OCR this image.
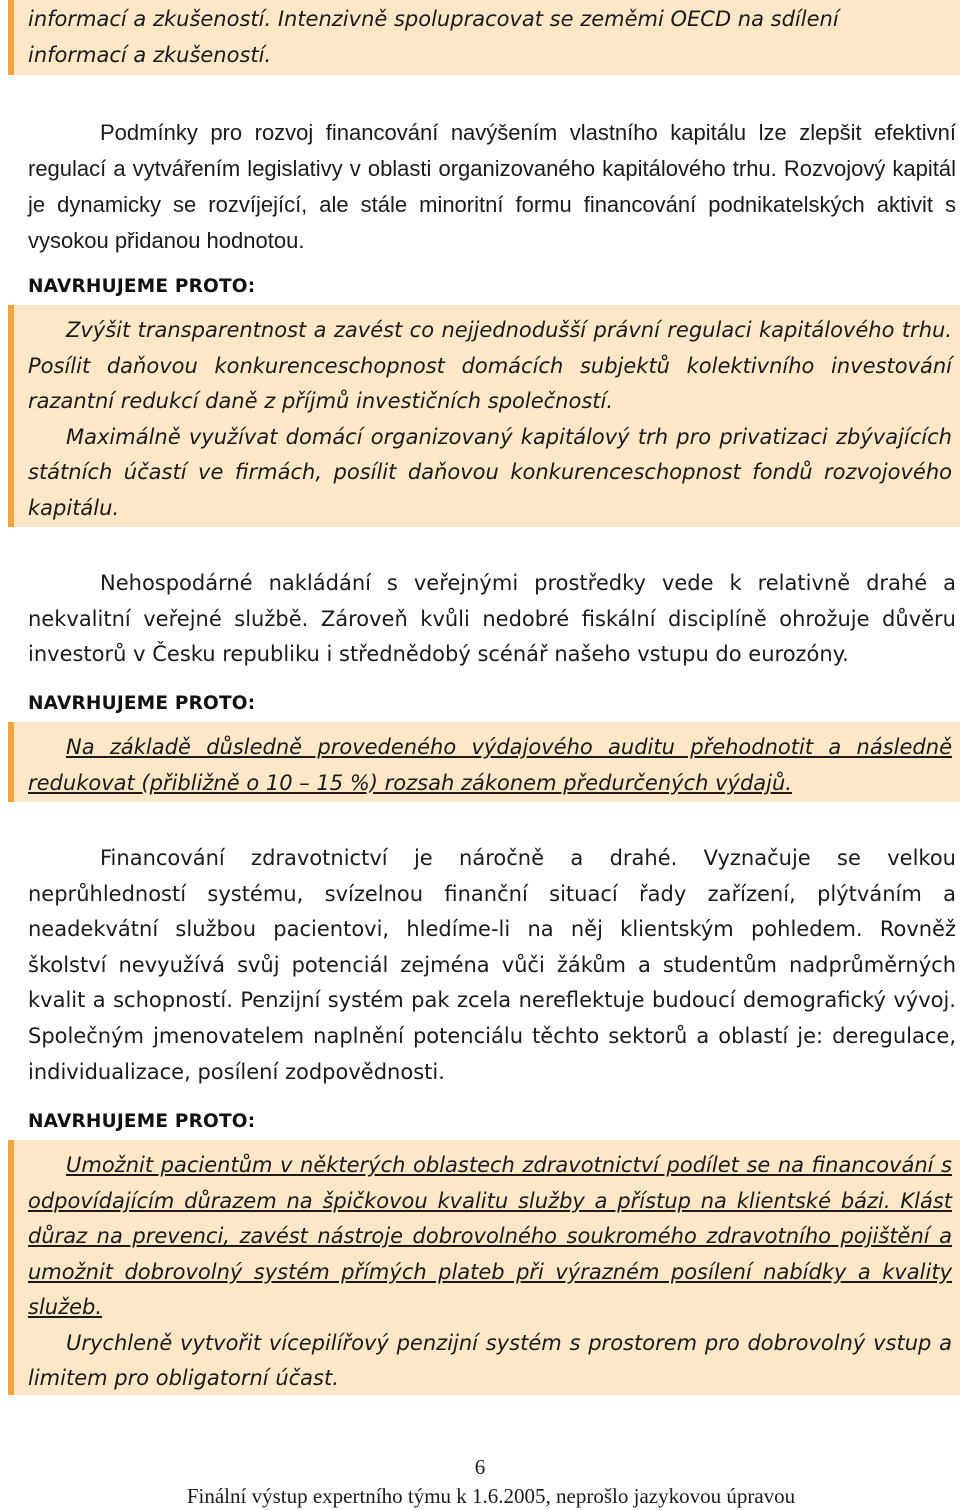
informací a zkušeností. Intenzivně spolupracovat se zeměmi OECD na sdílení

informací a zkušeností.

Podmínky pro rozvoj financování navýšením vlastního kapitálu lze zlepšit efektivní regulací a vytvářením legislativy v oblasti organizovaného kapitálového trhu. Rozvojový kapitál je dynamicky se rozvíjející, ale stále minoritní formu financování podnikatelských aktivit s vysokou přidanou hodnotou.

NAVRHUJEME PROTO:

Zvýšit transparentnost a zavést co nejjednodušší právní regulaci kapitálového trhu. Posílit daňovou konkurenceschopnost domácích subjektů kolektivního investování razantní redukcí daně z příjmů investičních společností.

Maximálně využívat domácí organizovaný kapitálový trh pro privatizaci zbývajících státních účastí ve firmách, posílit daňovou konkurenceschopnost fondů rozvojového kapitálu.

Nehospodárné nakládání s veřejnými prostředky vede k relativně drahé a nekvalitní veřejné službě. Zároveň kvůli nedobré fiskální disciplíně ohrožuje důvěru investorů v Česku republiku i střednědobý scénář našeho vstupu do eurozóny.

NAVRHUJEME PROTO:

Na základě důsledně provedeného výdajového auditu přehodnotit a následně redukovat (přibližně o 10 – 15 %) rozsah zákonem předurčených výdajů.

Financování zdravotnictví je náročně a drahé. Vyznačuje se velkou neprůhledností systému, svízelnou finanční situací řady zařízení, plýtváním a neadekvátní službou pacientovi, hledíme-li na něj klientským pohledem. Rovněž školství nevyužívá svůj potenciál zejména vůči žákům a studentům nadprůměrných kvalit a schopností. Penzijní systém pak zcela nereflektuje budoucí demografický vývoj. Společným jmenovatelem naplnění potenciálu těchto sektorů a oblastí je: deregulace, individualizace, posílení zodpovědnosti.

NAVRHUJEME PROTO:

Umožnit pacientům v některých oblastech zdravotnictví podílet se na financování s odpovídajícím důrazem na špičkovou kvalitu služby a přístup na klientské bázi. Klást důraz na prevenci, zavést nástroje dobrovolného soukromého zdravotního pojištění a umožnit dobrovolný systém přímých plateb při výrazném posílení nabídky a kvality služeb.

Urychleně vytvořit vícepilířový penzijní systém s prostorem pro dobrovolný vstup a limitem pro obligatorní účast.

6
Finální výstup expertního týmu k 1.6.2005, neprošlo jazykovou úpravou
